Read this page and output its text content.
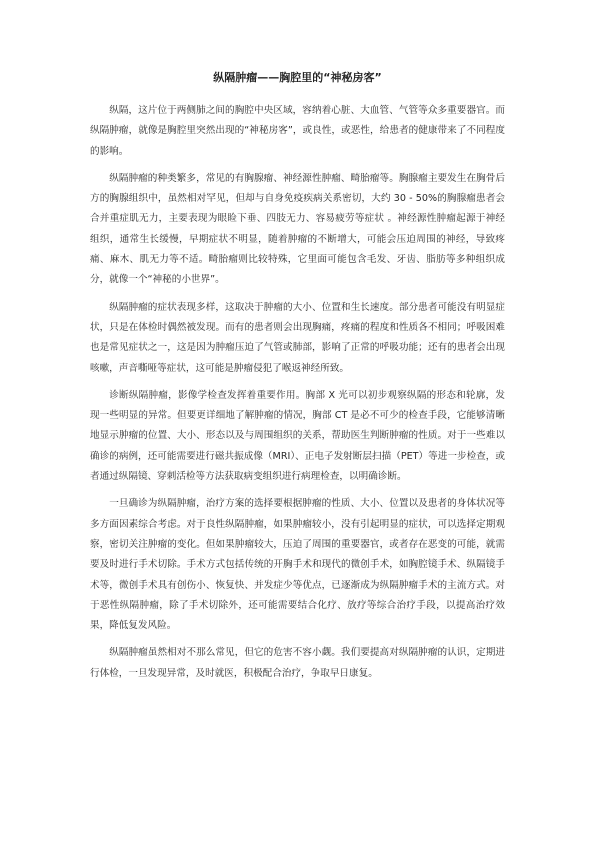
纵隔肿瘤——胸腔里的“神秘房客”

纵隔，这片位于两侧肺之间的胸腔中央区域，容纳着心脏、大血管、气管等众多重要器官。而纵隔肿瘤，就像是胸腔里突然出现的“神秘房客”，或良性，或恶性，给患者的健康带来了不同程度的影响。

纵隔肿瘤的种类繁多，常见的有胸腺瘤、神经源性肿瘤、畸胎瘤等。胸腺瘤主要发生在胸骨后方的胸腺组织中，虽然相对罕见，但却与自身免疫疾病关系密切，大约 30 - 50%的胸腺瘤患者会合并重症肌无力，主要表现为眼睑下垂、四肢无力、容易疲劳等症状 。神经源性肿瘤起源于神经组织，通常生长缓慢，早期症状不明显，随着肿瘤的不断增大，可能会压迫周围的神经，导致疼痛、麻木、肌无力等不适。畸胎瘤则比较特殊，它里面可能包含毛发、牙齿、脂肪等多种组织成分，就像一个“神秘的小世界”。

纵隔肿瘤的症状表现多样，这取决于肿瘤的大小、位置和生长速度。部分患者可能没有明显症状，只是在体检时偶然被发现。而有的患者则会出现胸痛，疼痛的程度和性质各不相同；呼吸困难也是常见症状之一，这是因为肿瘤压迫了气管或肺部，影响了正常的呼吸功能；还有的患者会出现咳嗽，声音嘶哑等症状，这可能是肿瘤侵犯了喉返神经所致。

诊断纵隔肿瘤，影像学检查发挥着重要作用。胸部 X 光可以初步观察纵隔的形态和轮廓，发现一些明显的异常。但要更详细地了解肿瘤的情况，胸部 CT 是必不可少的检查手段，它能够清晰地显示肿瘤的位置、大小、形态以及与周围组织的关系，帮助医生判断肿瘤的性质。对于一些难以确诊的病例，还可能需要进行磁共振成像（MRI）、正电子发射断层扫描（PET）等进一步检查，或者通过纵隔镜、穿刺活检等方法获取病变组织进行病理检查，以明确诊断。

一旦确诊为纵隔肿瘤，治疗方案的选择要根据肿瘤的性质、大小、位置以及患者的身体状况等多方面因素综合考虑。对于良性纵隔肿瘤，如果肿瘤较小，没有引起明显的症状，可以选择定期观察，密切关注肿瘤的变化。但如果肿瘤较大，压迫了周围的重要器官，或者存在恶变的可能，就需要及时进行手术切除。手术方式包括传统的开胸手术和现代的微创手术，如胸腔镜手术、纵隔镜手术等，微创手术具有创伤小、恢复快、并发症少等优点，已逐渐成为纵隔肿瘤手术的主流方式。对于恶性纵隔肿瘤，除了手术切除外，还可能需要结合化疗、放疗等综合治疗手段，以提高治疗效果，降低复发风险。

纵隔肿瘤虽然相对不那么常见，但它的危害不容小觑。我们要提高对纵隔肿瘤的认识，定期进行体检，一旦发现异常，及时就医，积极配合治疗，争取早日康复。
